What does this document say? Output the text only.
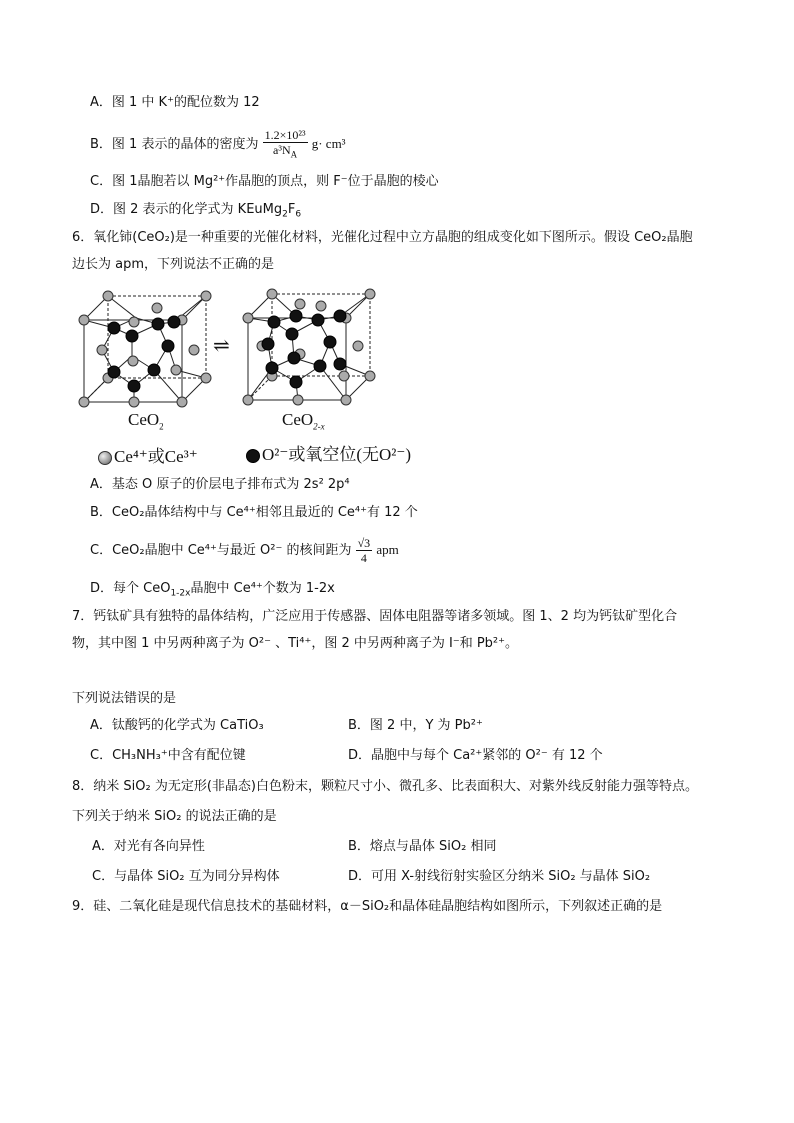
A．图 1 中 K⁺的配位数为 12
B．图 1 表示的晶体的密度为 $\frac{\text{1.2×10²³}}{a^3N_A} g\cdot cm^3$
C．图 1晶胞若以 Mg²⁺作晶胞的顶点，则 F⁻位于晶胞的棱心
D．图 2 表示的化学式为 $KEuMg_2F_6$
6．氧化铈(CeO₂)是一种重要的光催化材料，光催化过程中立方晶胞的组成变化如下图所示。假设 CeO₂晶胞
边长为 apm，下列说法不正确的是
⇌
CeO$_2$	CeO$_{2-x}$
Ce⁴⁺或Ce³⁺	O²⁻或氧空位(无O²⁻)
A．基态 O 原子的价层电子排布式为 2s² 2p⁴
B．CeO₂晶体结构中与 Ce⁴⁺相邻且最近的 Ce⁴⁺有 12 个
C．CeO₂晶胞中 Ce⁴⁺与最近 O²⁻ 的核间距为 $\frac{√3}{4}$ apm
D．每个 CeO$_{1-2x}$晶胞中 Ce⁴⁺个数为 1-2x
7．钙钛矿具有独特的晶体结构，广泛应用于传感器、固体电阻器等诸多领域。图 1、2 均为钙钛矿型化合
物，其中图 1 中另两种离子为 O²⁻ 、Ti⁴⁺，图 2 中另两种离子为 I⁻和 Pb²⁺。
下列说法错误的是
A．钛酸钙的化学式为 CaTiO₃	B．图 2 中，Y 为 Pb²⁺
C．CH₃NH₃⁺中含有配位键	D．晶胞中与每个 Ca²⁺紧邻的 O²⁻ 有 12 个
8．纳米 SiO₂ 为无定形(非晶态)白色粉末，颗粒尺寸小、微孔多、比表面积大、对紫外线反射能力强等特点。
下列关于纳米 SiO₂ 的说法正确的是
A．对光有各向异性	B．熔点与晶体 SiO₂ 相同
C．与晶体 SiO₂ 互为同分异构体	D．可用 X-射线衍射实验区分纳米 SiO₂ 与晶体 SiO₂
9．硅、二氧化硅是现代信息技术的基础材料，α－SiO₂和晶体硅晶胞结构如图所示，下列叙述正确的是
